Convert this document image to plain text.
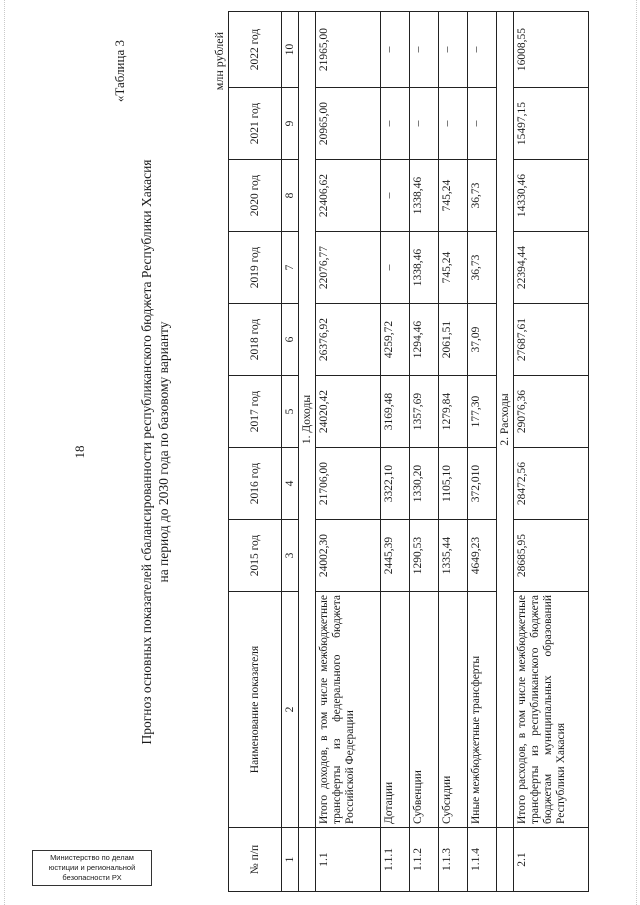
18
«Таблица 3
Прогноз основных показателей сбалансированности республиканского бюджета Республики Хакасия на период до 2030 года по базовому варианту
млн рублей
№ п/п	Наименование показателя	2015 год	2016 год	2017 год	2018 год	2019 год	2020 год	2021 год	2022 год
1	2	3	4	5	6	7	8	9	10
	1. Доходы								
1.1	Итого доходов, в том числе межбюджетные трансферты из федерального бюджета Российской Федерации	24002,30	21706,00	24020,42	26376,92	22076,77	22406,62	20965,00	21965,00
1.1.1	Дотации	2445,39	3322,10	3169,48	4259,72	–	–	–	–
1.1.2	Субвенции	1290,53	1330,20	1357,69	1294,46	1338,46	1338,46	–	–
1.1.3	Субсидии	1335,44	1105,10	1279,84	2061,51	745,24	745,24	–	–
1.1.4	Иные межбюджетные трансферты	4649,23	372,010	177,30	37,09	36,73	36,73	–	–
	2. Расходы								
2.1	Итого расходов, в том числе межбюджетные трансферты из республиканского бюджета бюджетам муниципальных образований Республики Хакасия	28685,95	28472,56	29076,36	27687,61	22394,44	14330,46	15497,15	16008,55
Министерство по делам
юстиции и региональной
безопасности РХ
